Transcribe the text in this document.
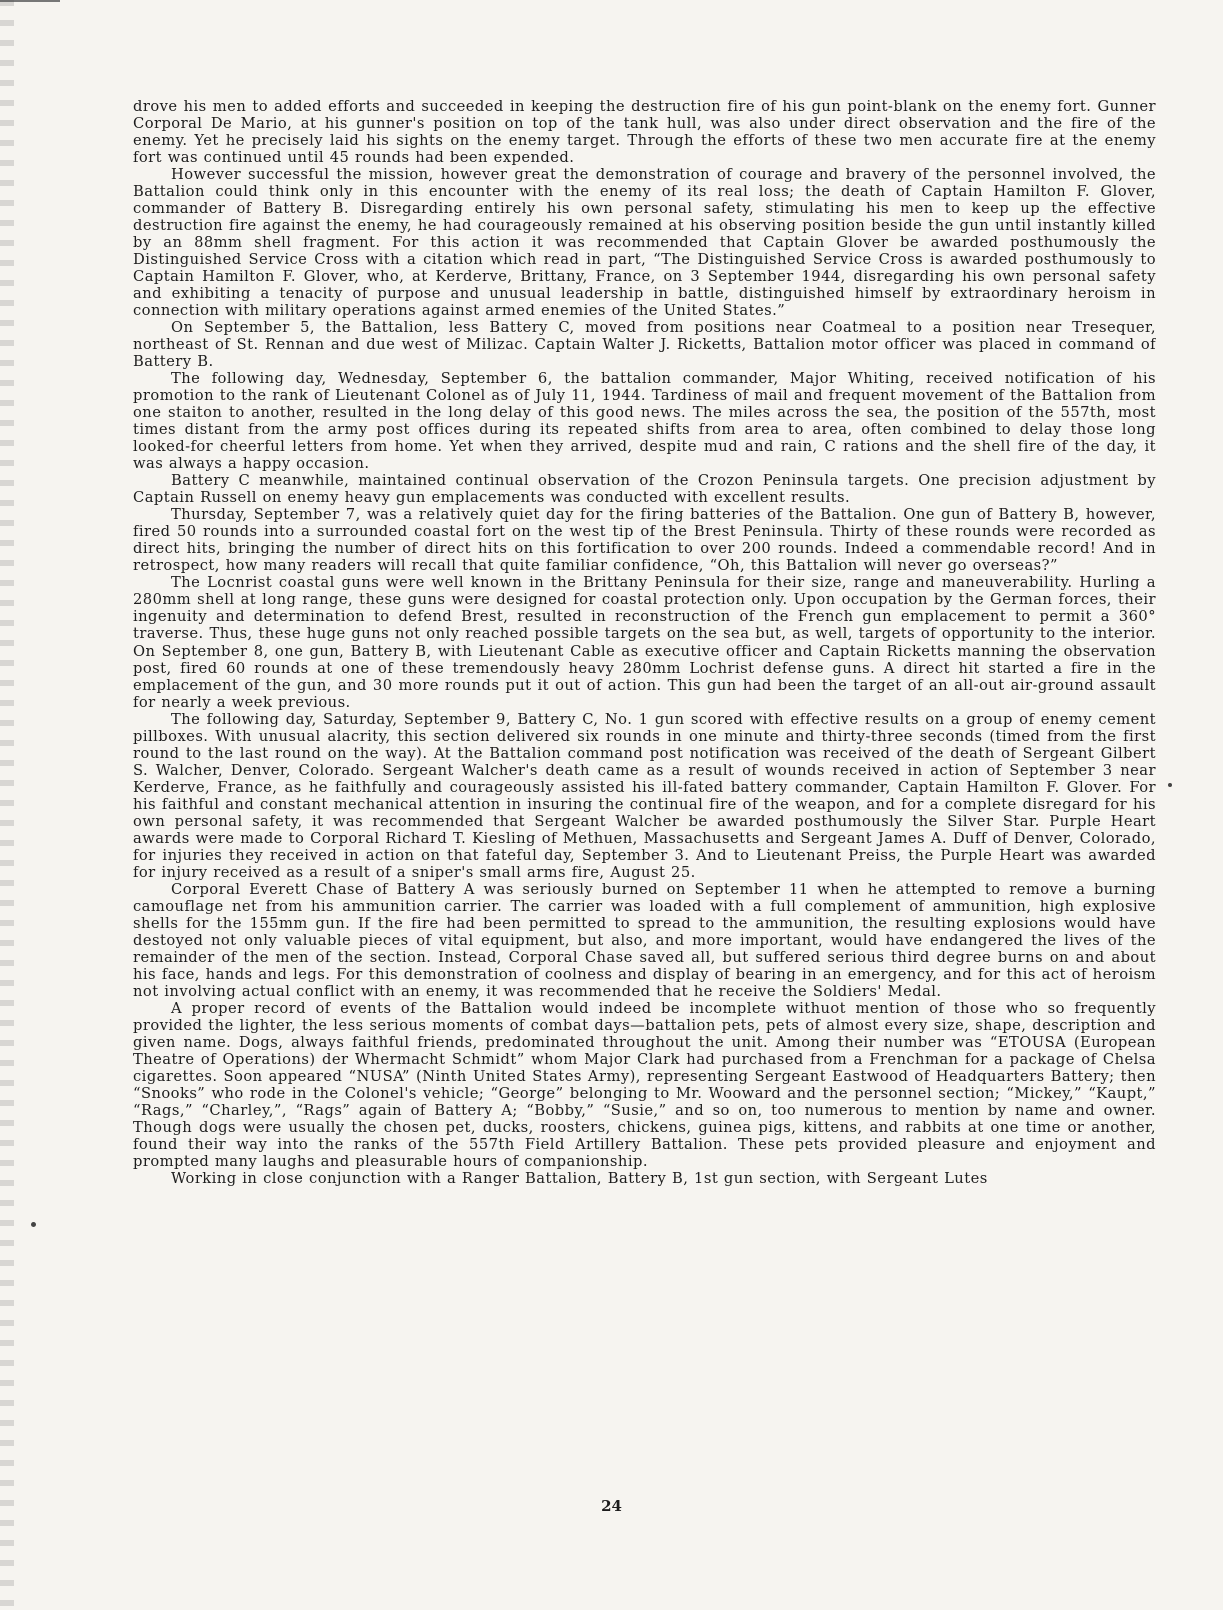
drove his men to added efforts and succeeded in keeping the destruction fire of his gun point-blank on the enemy fort. Gunner Corporal De Mario, at his gunner's position on top of the tank hull, was also under direct observation and the fire of the enemy. Yet he precisely laid his sights on the enemy target. Through the efforts of these two men accurate fire at the enemy fort was continued until 45 rounds had been expended.

However successful the mission, however great the demonstration of courage and bravery of the personnel involved, the Battalion could think only in this encounter with the enemy of its real loss; the death of Captain Hamilton F. Glover, commander of Battery B. Disregarding entirely his own personal safety, stimulating his men to keep up the effective destruction fire against the enemy, he had courageously remained at his observing position beside the gun until instantly killed by an 88mm shell fragment. For this action it was recommended that Captain Glover be awarded posthumously the Distinguished Service Cross with a citation which read in part, “The Distinguished Service Cross is awarded posthumously to Captain Hamilton F. Glover, who, at Kerderve, Brittany, France, on 3 September 1944, disregarding his own personal safety and exhibiting a tenacity of purpose and unusual leadership in battle, distinguished himself by extraordinary heroism in connection with military operations against armed enemies of the United States.”

On September 5, the Battalion, less Battery C, moved from positions near Coatmeal to a position near Tresequer, northeast of St. Rennan and due west of Milizac. Captain Walter J. Ricketts, Battalion motor officer was placed in command of Battery B.

The following day, Wednesday, September 6, the battalion commander, Major Whiting, received notification of his promotion to the rank of Lieutenant Colonel as of July 11, 1944. Tardiness of mail and frequent movement of the Battalion from one staiton to another, resulted in the long delay of this good news. The miles across the sea, the position of the 557th, most times distant from the army post offices during its repeated shifts from area to area, often combined to delay those long looked-for cheerful letters from home. Yet when they arrived, despite mud and rain, C rations and the shell fire of the day, it was always a happy occasion.

Battery C meanwhile, maintained continual observation of the Crozon Peninsula targets. One precision adjustment by Captain Russell on enemy heavy gun emplacements was conducted with excellent results.

Thursday, September 7, was a relatively quiet day for the firing batteries of the Battalion. One gun of Battery B, however, fired 50 rounds into a surrounded coastal fort on the west tip of the Brest Peninsula. Thirty of these rounds were recorded as direct hits, bringing the number of direct hits on this fortification to over 200 rounds. Indeed a commendable record! And in retrospect, how many readers will recall that quite familiar confidence, “Oh, this Battalion will never go overseas?”

The Locnrist coastal guns were well known in the Brittany Peninsula for their size, range and maneuverability. Hurling a 280mm shell at long range, these guns were designed for coastal protection only. Upon occupation by the German forces, their ingenuity and determination to defend Brest, resulted in reconstruction of the French gun emplacement to permit a 360° traverse. Thus, these huge guns not only reached possible targets on the sea but, as well, targets of opportunity to the interior. On September 8, one gun, Battery B, with Lieutenant Cable as executive officer and Captain Ricketts manning the observation post, fired 60 rounds at one of these tremendously heavy 280mm Lochrist defense guns. A direct hit started a fire in the emplacement of the gun, and 30 more rounds put it out of action. This gun had been the target of an all-out air-ground assault for nearly a week previous.

The following day, Saturday, September 9, Battery C, No. 1 gun scored with effective results on a group of enemy cement pillboxes. With unusual alacrity, this section delivered six rounds in one minute and thirty-three seconds (timed from the first round to the last round on the way). At the Battalion command post notification was received of the death of Sergeant Gilbert S. Walcher, Denver, Colorado. Sergeant Walcher's death came as a result of wounds received in action of September 3 near Kerderve, France, as he faithfully and courageously assisted his ill-fated battery commander, Captain Hamilton F. Glover. For his faithful and constant mechanical attention in insuring the continual fire of the weapon, and for a complete disregard for his own personal safety, it was recommended that Sergeant Walcher be awarded posthumously the Silver Star. Purple Heart awards were made to Corporal Richard T. Kiesling of Methuen, Massachusetts and Sergeant James A. Duff of Denver, Colorado, for injuries they received in action on that fateful day, September 3. And to Lieutenant Preiss, the Purple Heart was awarded for injury received as a result of a sniper's small arms fire, August 25.

Corporal Everett Chase of Battery A was seriously burned on September 11 when he attempted to remove a burning camouflage net from his ammunition carrier. The carrier was loaded with a full complement of ammunition, high explosive shells for the 155mm gun. If the fire had been permitted to spread to the ammunition, the resulting explosions would have destoyed not only valuable pieces of vital equipment, but also, and more important, would have endangered the lives of the remainder of the men of the section. Instead, Corporal Chase saved all, but suffered serious third degree burns on and about his face, hands and legs. For this demonstration of coolness and display of bearing in an emergency, and for this act of heroism not involving actual conflict with an enemy, it was recommended that he receive the Soldiers' Medal.

A proper record of events of the Battalion would indeed be incomplete withuot mention of those who so frequently provided the lighter, the less serious moments of combat days—battalion pets, pets of almost every size, shape, description and given name. Dogs, always faithful friends, predominated throughout the unit. Among their number was “ETOUSA (European Theatre of Operations) der Whermacht Schmidt” whom Major Clark had purchased from a Frenchman for a package of Chelsa cigarettes. Soon appeared “NUSA” (Ninth United States Army), representing Sergeant Eastwood of Headquarters Battery; then “Snooks” who rode in the Colonel's vehicle; “George” belonging to Mr. Wooward and the personnel section; “Mickey,” “Kaupt,” “Rags,” “Charley,”, “Rags” again of Battery A; “Bobby,” “Susie,” and so on, too numerous to mention by name and owner. Though dogs were usually the chosen pet, ducks, roosters, chickens, guinea pigs, kittens, and rabbits at one time or another, found their way into the ranks of the 557th Field Artillery Battalion. These pets provided pleasure and enjoyment and prompted many laughs and pleasurable hours of companionship.

Working in close conjunction with a Ranger Battalion, Battery B, 1st gun section, with Sergeant Lutes

24
